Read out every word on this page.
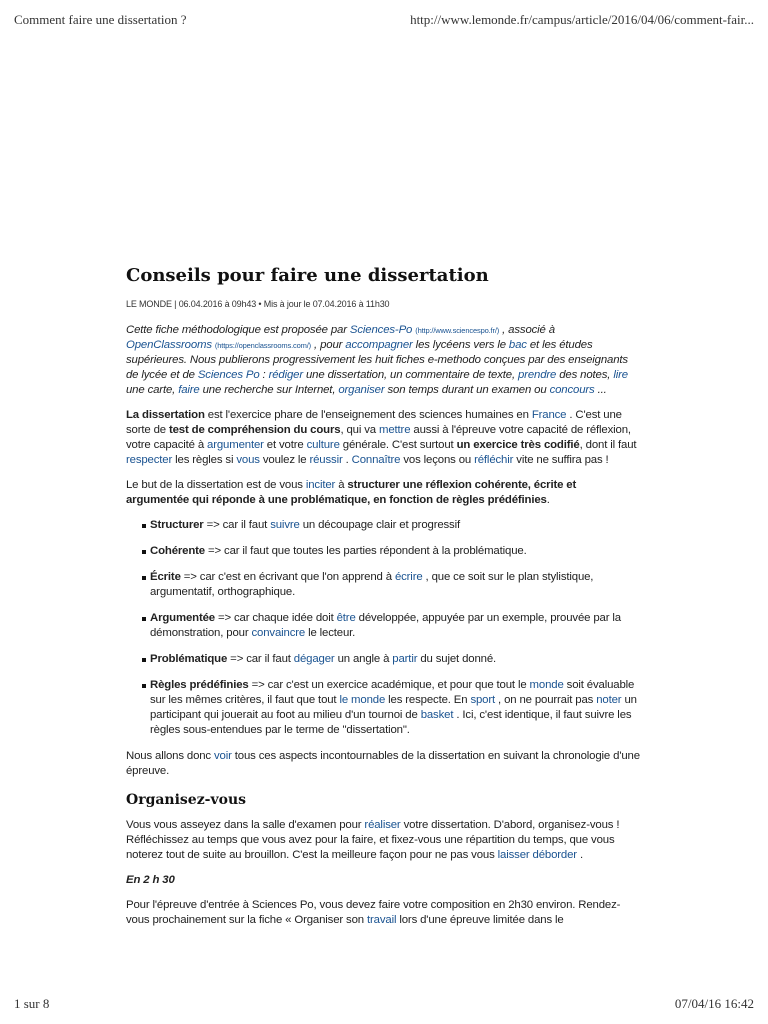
Comment faire une dissertation ?	http://www.lemonde.fr/campus/article/2016/04/06/comment-fair...
Conseils pour faire une dissertation
LE MONDE | 06.04.2016 à 09h43 • Mis à jour le 07.04.2016 à 11h30

Cette fiche méthodologique est proposée par Sciences-Po (http://www.sciencespo.fr/) , associé à OpenClassrooms (https://openclassrooms.com/) , pour accompagner les lycéens vers le bac et les études supérieures. Nous publierons progressivement les huit fiches e-methodo conçues par des enseignants de lycée et de Sciences Po : rédiger une dissertation, un commentaire de texte, prendre des notes, lire une carte, faire une recherche sur Internet, organiser son temps durant un examen ou concours ...

La dissertation est l'exercice phare de l'enseignement des sciences humaines en France . C'est une sorte de test de compréhension du cours, qui va mettre aussi à l'épreuve votre capacité de réflexion, votre capacité à argumenter et votre culture générale. C'est surtout un exercice très codifié, dont il faut respecter les règles si vous voulez le réussir . Connaître vos leçons ou réfléchir vite ne suffira pas !

Le but de la dissertation est de vous inciter à structurer une réflexion cohérente, écrite et argumentée qui réponde à une problématique, en fonction de règles prédéfinies.

Structurer => car il faut suivre un découpage clair et progressif
Cohérente => car il faut que toutes les parties répondent à la problématique.
Écrite => car c'est en écrivant que l'on apprend à écrire , que ce soit sur le plan stylistique, argumentatif, orthographique.
Argumentée => car chaque idée doit être développée, appuyée par un exemple, prouvée par la démonstration, pour convaincre le lecteur.
Problématique => car il faut dégager un angle à partir du sujet donné.
Règles prédéfinies => car c'est un exercice académique, et pour que tout le monde soit évaluable sur les mêmes critères, il faut que tout le monde les respecte. En sport , on ne pourrait pas noter un participant qui jouerait au foot au milieu d'un tournoi de basket . Ici, c'est identique, il faut suivre les règles sous-entendues par le terme de "dissertation".

Nous allons donc voir tous ces aspects incontournables de la dissertation en suivant la chronologie d'une épreuve.

Organisez-vous

Vous vous asseyez dans la salle d'examen pour réaliser votre dissertation. D'abord, organisez-vous ! Réfléchissez au temps que vous avez pour la faire, et fixez-vous une répartition du temps, que vous noterez tout de suite au brouillon. C'est la meilleure façon pour ne pas vous laisser déborder .

En 2 h 30

Pour l'épreuve d'entrée à Sciences Po, vous devez faire votre composition en 2h30 environ. Rendez-vous prochainement sur la fiche « Organiser son travail lors d'une épreuve limitée dans le

1 sur 8	07/04/16 16:42
